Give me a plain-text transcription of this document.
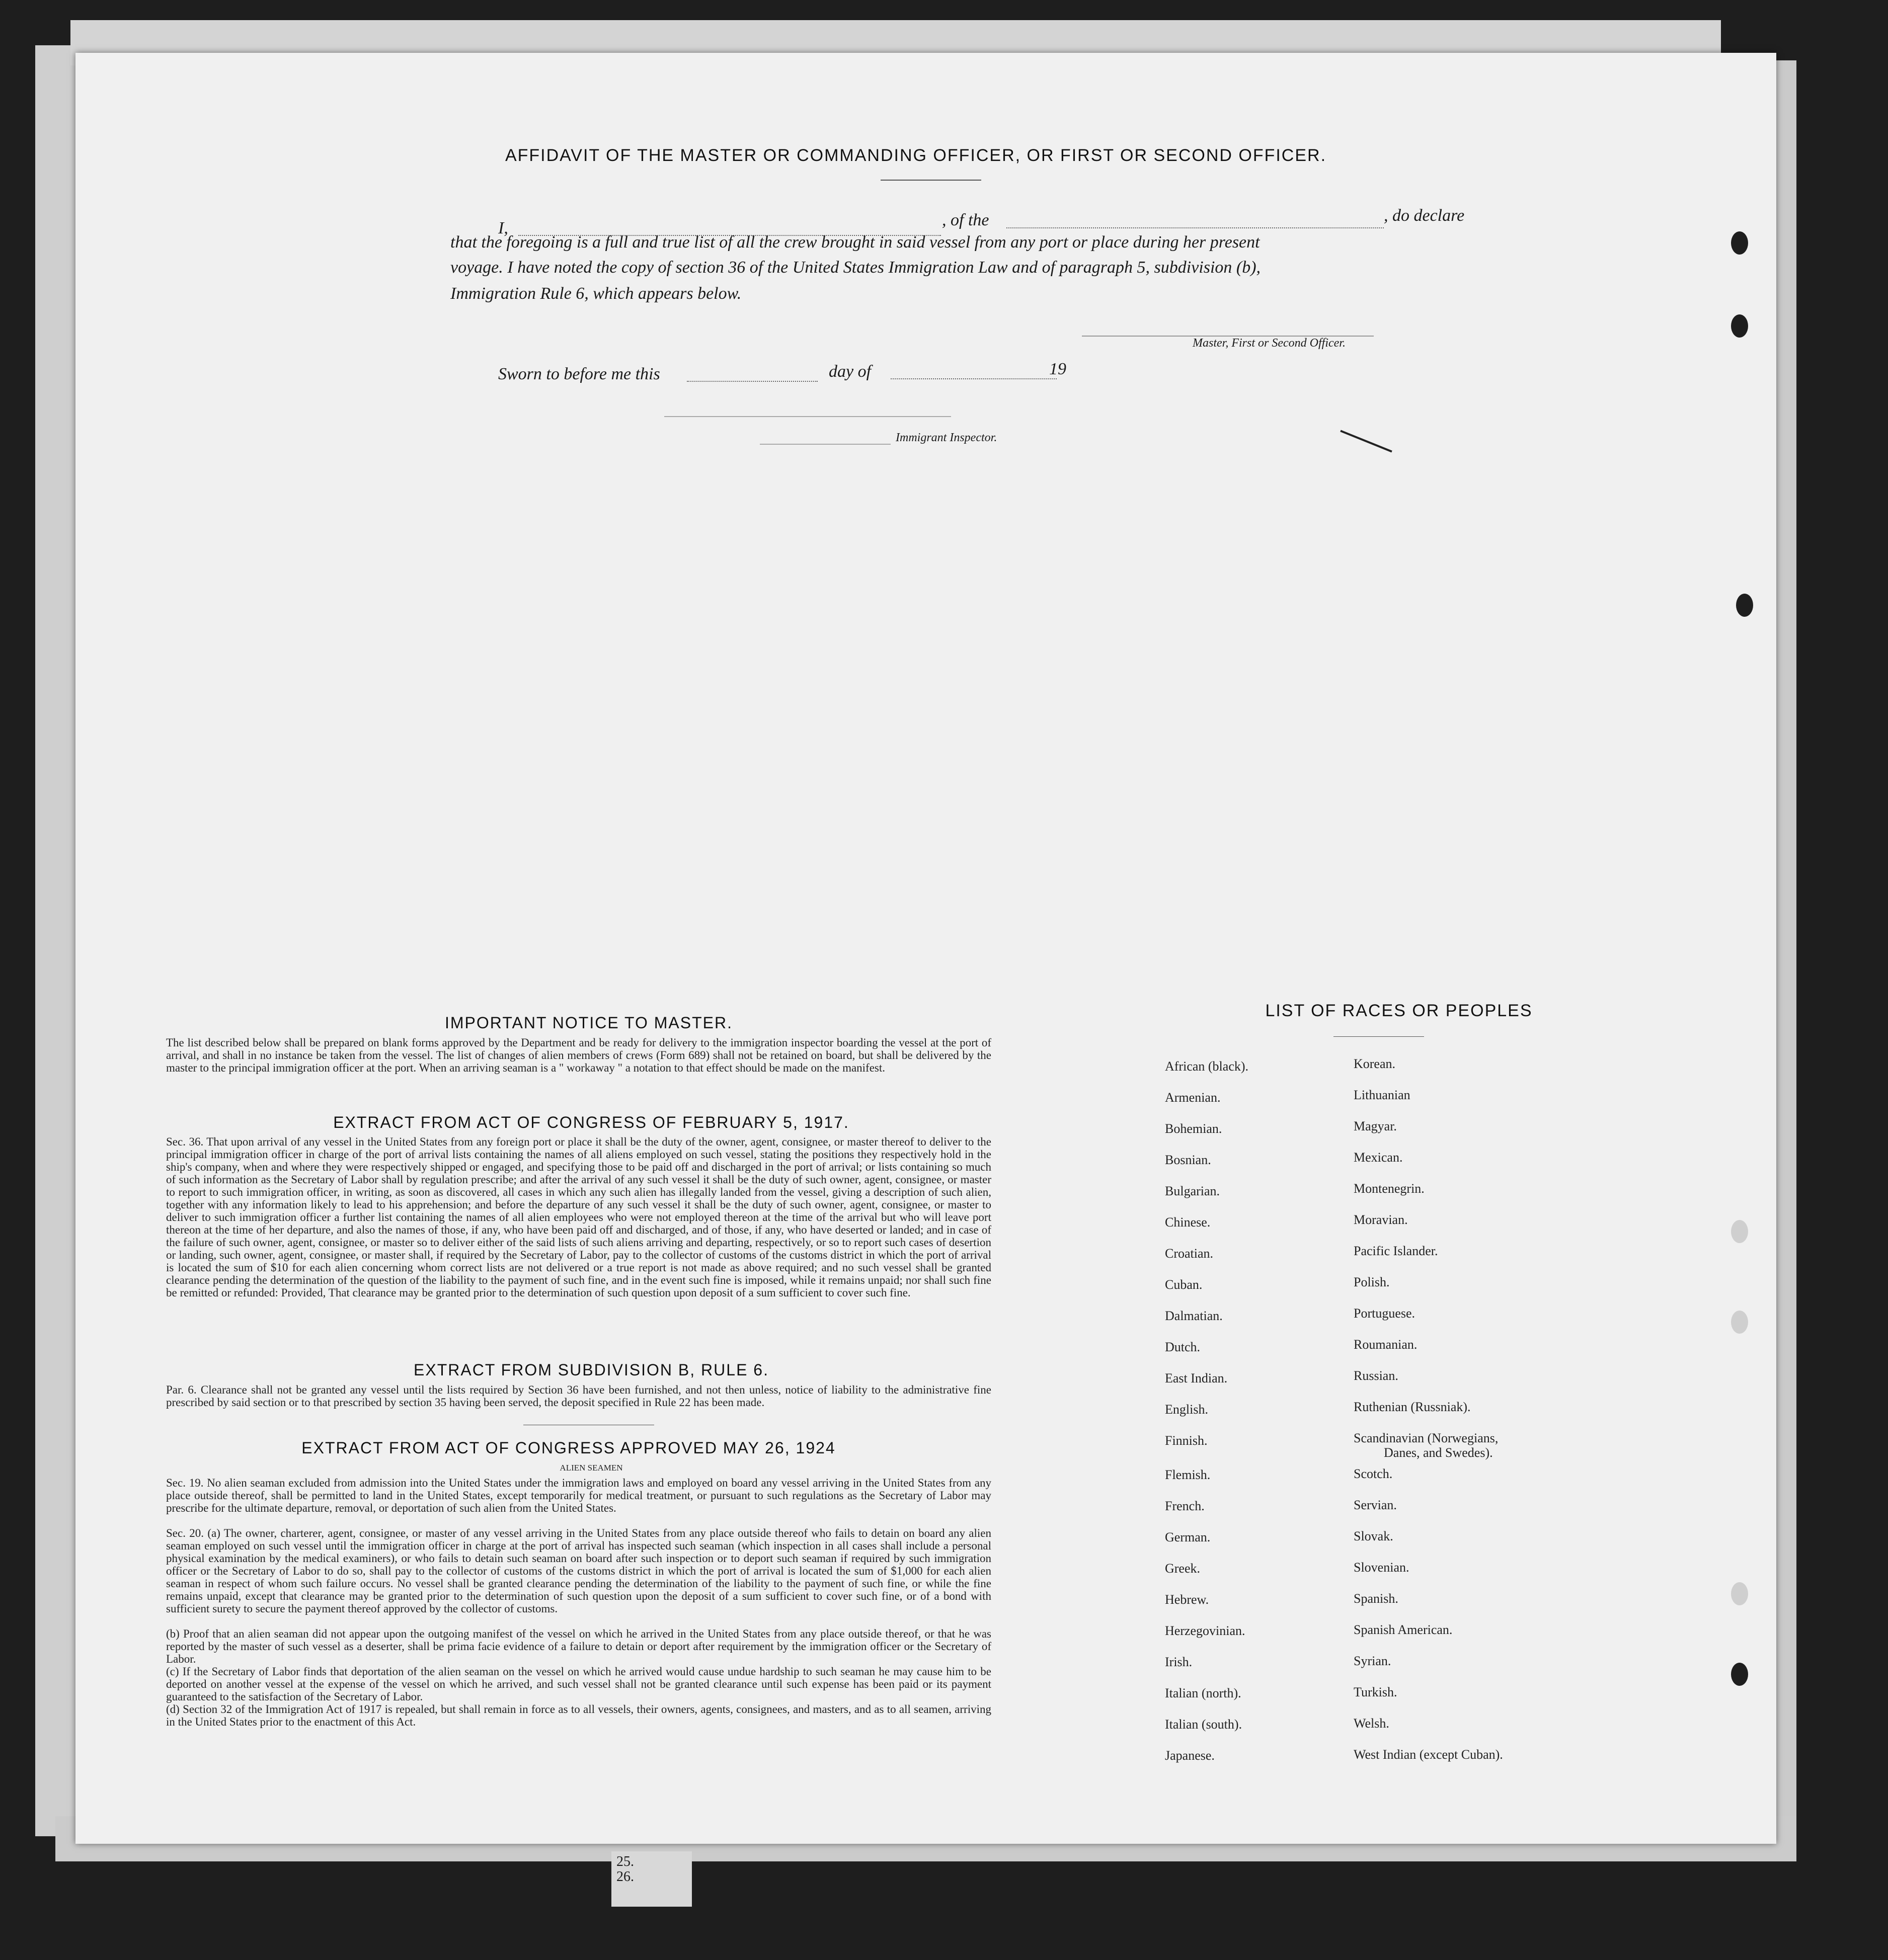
AFFIDAVIT OF THE MASTER OR COMMANDING OFFICER, OR FIRST OR SECOND OFFICER.
I,	, of the	, do declare
that the foregoing is a full and true list of all the crew brought in said vessel from any port or place during her present
voyage. I have noted the copy of section 36 of the United States Immigration Law and of paragraph 5, subdivision (b),
Immigration Rule 6, which appears below.
Master, First or Second Officer.
Sworn to before me this	day of	19
Immigrant Inspector.
IMPORTANT NOTICE TO MASTER.
The list described below shall be prepared on blank forms approved by the Department and be ready for delivery to the immigration inspector boarding the vessel at the port of arrival, and shall in no instance be taken from the vessel. The list of changes of alien members of crews (Form 689) shall not be retained on board, but shall be delivered by the master to the principal immigration officer at the port. When an arriving seaman is a " workaway " a notation to that effect should be made on the manifest.
EXTRACT FROM ACT OF CONGRESS OF FEBRUARY 5, 1917.
Sec. 36. That upon arrival of any vessel in the United States from any foreign port or place it shall be the duty of the owner, agent, consignee, or master thereof to deliver to the principal immigration officer in charge of the port of arrival lists containing the names of all aliens employed on such vessel, stating the positions they respectively hold in the ship's company, when and where they were respectively shipped or engaged, and specifying those to be paid off and discharged in the port of arrival; or lists containing so much of such information as the Secretary of Labor shall by regulation prescribe; and after the arrival of any such vessel it shall be the duty of such owner, agent, consignee, or master to report to such immigration officer, in writing, as soon as discovered, all cases in which any such alien has illegally landed from the vessel, giving a description of such alien, together with any information likely to lead to his apprehension; and before the departure of any such vessel it shall be the duty of such owner, agent, consignee, or master to deliver to such immigration officer a further list containing the names of all alien employees who were not employed thereon at the time of the arrival but who will leave port thereon at the time of her departure, and also the names of those, if any, who have been paid off and discharged, and of those, if any, who have deserted or landed; and in case of the failure of such owner, agent, consignee, or master so to deliver either of the said lists of such aliens arriving and departing, respectively, or so to report such cases of desertion or landing, such owner, agent, consignee, or master shall, if required by the Secretary of Labor, pay to the collector of customs of the customs district in which the port of arrival is located the sum of $10 for each alien concerning whom correct lists are not delivered or a true report is not made as above required; and no such vessel shall be granted clearance pending the determination of the question of the liability to the payment of such fine, and in the event such fine is imposed, while it remains unpaid; nor shall such fine be remitted or refunded: Provided, That clearance may be granted prior to the determination of such question upon deposit of a sum sufficient to cover such fine.
EXTRACT FROM SUBDIVISION B, RULE 6.
Par. 6. Clearance shall not be granted any vessel until the lists required by Section 36 have been furnished, and not then unless, notice of liability to the administrative fine prescribed by said section or to that prescribed by section 35 having been served, the deposit specified in Rule 22 has been made.
EXTRACT FROM ACT OF CONGRESS APPROVED MAY 26, 1924
ALIEN SEAMEN
Sec. 19. No alien seaman excluded from admission into the United States under the immigration laws and employed on board any vessel arriving in the United States from any place outside thereof, shall be permitted to land in the United States, except temporarily for medical treatment, or pursuant to such regulations as the Secretary of Labor may prescribe for the ultimate departure, removal, or deportation of such alien from the United States.
Sec. 20. (a) The owner, charterer, agent, consignee, or master of any vessel arriving in the United States from any place outside thereof who fails to detain on board any alien seaman employed on such vessel until the immigration officer in charge at the port of arrival has inspected such seaman (which inspection in all cases shall include a personal physical examination by the medical examiners), or who fails to detain such seaman on board after such inspection or to deport such seaman if required by such immigration officer or the Secretary of Labor to do so, shall pay to the collector of customs of the customs district in which the port of arrival is located the sum of $1,000 for each alien seaman in respect of whom such failure occurs. No vessel shall be granted clearance pending the determination of the liability to the payment of such fine, or while the fine remains unpaid, except that clearance may be granted prior to the determination of such question upon the deposit of a sum sufficient to cover such fine, or of a bond with sufficient surety to secure the payment thereof approved by the collector of customs.
(b) Proof that an alien seaman did not appear upon the outgoing manifest of the vessel on which he arrived in the United States from any place outside thereof, or that he was reported by the master of such vessel as a deserter, shall be prima facie evidence of a failure to detain or deport after requirement by the immigration officer or the Secretary of Labor.
(c) If the Secretary of Labor finds that deportation of the alien seaman on the vessel on which he arrived would cause undue hardship to such seaman he may cause him to be deported on another vessel at the expense of the vessel on which he arrived, and such vessel shall not be granted clearance until such expense has been paid or its payment guaranteed to the satisfaction of the Secretary of Labor.
(d) Section 32 of the Immigration Act of 1917 is repealed, but shall remain in force as to all vessels, their owners, agents, consignees, and masters, and as to all seamen, arriving in the United States prior to the enactment of this Act.
LIST OF RACES OR PEOPLES
African (black).
Armenian.
Bohemian.
Bosnian.
Bulgarian.
Chinese.
Croatian.
Cuban.
Dalmatian.
Dutch.
East Indian.
English.
Finnish.
Flemish.
French.
German.
Greek.
Hebrew.
Herzegovinian.
Irish.
Italian (north).
Italian (south).
Japanese.
Korean.
Lithuanian
Magyar.
Mexican.
Montenegrin.
Moravian.
Pacific Islander.
Polish.
Portuguese.
Roumanian.
Russian.
Ruthenian (Russniak).
Scandinavian (Norwegians,
Danes, and Swedes).
Scotch.
Servian.
Slovak.
Slovenian.
Spanish.
Spanish American.
Syrian.
Turkish.
Welsh.
West Indian (except Cuban).
25.
26.
